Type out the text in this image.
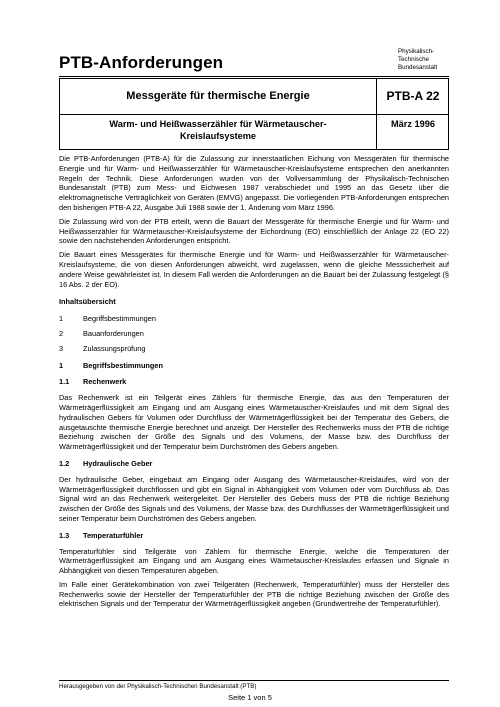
PTB-Anforderungen
Physikalisch-
Technische
Bundesanstalt
Messgeräte für thermische Energie	PTB-A 22
Warm- und Heißwasserzähler für Wärmetauscher-
Kreislaufsysteme
März 1996

Die PTB-Anforderungen (PTB-A) für die Zulassung zur innerstaatlichen Eichung von Messgeräten für thermische Energie und für Warm- und Heißwasserzähler für Wärmetauscher-Kreislaufsysteme entsprechen den anerkannten Regeln der Technik. Diese Anforderungen wurden von der Vollversammlung der Physikalisch-Technischen Bundesanstalt (PTB) zum Mess- und Eichwesen 1987 verabschiedet und 1995 an das Gesetz über die elektromagnetische Verträglichkeit von Geräten (EMVG) angepasst. Die vorliegenden PTB-Anforderungen entsprechen den bisherigen PTB-A 22, Ausgabe Juli 1988 sowie der 1. Änderung vom März 1996.

Die Zulassung wird von der PTB erteilt, wenn die Bauart der Messgeräte für thermische Energie und für Warm- und Heißwasserzähler für Wärmetauscher-Kreislaufsysteme der Eichordnung (EO) einschließlich der Anlage 22 (EO 22) sowie den nachstehenden Anforderungen entspricht.

Die Bauart eines Messgerätes für thermische Energie und für Warm- und Heißwasserzähler für Wärmetauscher-Kreislaufsysteme, die von diesen Anforderungen abweicht, wird zugelassen, wenn die gleiche Messsicherheit auf andere Weise gewährleistet ist. In diesem Fall werden die Anforderungen an die Bauart bei der Zulassung festgelegt (§ 16 Abs. 2 der EO).

Inhaltsübersicht
1	Begriffsbestimmungen
2	Bauanforderungen
3	Zulassungsprüfung
1	Begriffsbestimmungen
1.1 Rechenwerk

Das Rechenwerk ist ein Teilgerät eines Zählers für thermische Energie, das aus den Temperaturen der Wärmeträgerflüssigkeit am Eingang und am Ausgang eines Wärmetauscher-Kreislaufes und mit dem Signal des hydraulischen Gebers für Volumen oder Durchfluss der Wärmeträgerflüssigkeit bei der Temperatur des Gebers, die ausgetauschte thermische Energie berechnet und anzeigt. Der Hersteller des Rechenwerks muss der PTB die richtige Beziehung zwischen der Größe des Signals und des Volumens, der Masse bzw. des Durchfluss der Wärmeträgerflüssigkeit und der Temperatur beim Durchströmen des Gebers angeben.

1.2 Hydraulische Geber

Der hydraulische Geber, eingebaut am Eingang oder Ausgang des Wärmetauscher-Kreislaufes, wird von der Wärmeträgerflüssigkeit durchflossen und gibt ein Signal in Abhängigkeit vom Volumen oder vom Durchfluss ab. Das Signal wird an das Rechenwerk weitergeleitet. Der Hersteller des Gebers muss der PTB die richtige Beziehung zwischen der Größe des Signals und des Volumens, der Masse bzw. des Durchflusses der Wärmeträgerflüssigkeit und seiner Temperatur beim Durchströmen des Gebers angeben.

1.3 Temperaturfühler

Temperaturfühler sind Teilgeräte von Zählern für thermische Energie, welche die Temperaturen der Wärmeträgerflüssigkeit am Eingang und am Ausgang eines Wärmetauscher-Kreislaufes erfassen und Signale in Abhängigkeit von diesen Temperaturen abgeben.

Im Falle einer Gerätekombination von zwei Teilgeräten (Rechenwerk, Temperaturfühler) muss der Hersteller des Rechenwerks sowie der Hersteller der Temperaturfühler der PTB die richtige Beziehung zwischen der Größe des elektrischen Signals und der Temperatur der Wärmeträgerflüssigkeit angeben (Grundwertreihe der Temperaturfühler).

Herausgegeben von der Physikalisch-Technischen Bundesanstalt (PTB)
Seite 1 von 5
